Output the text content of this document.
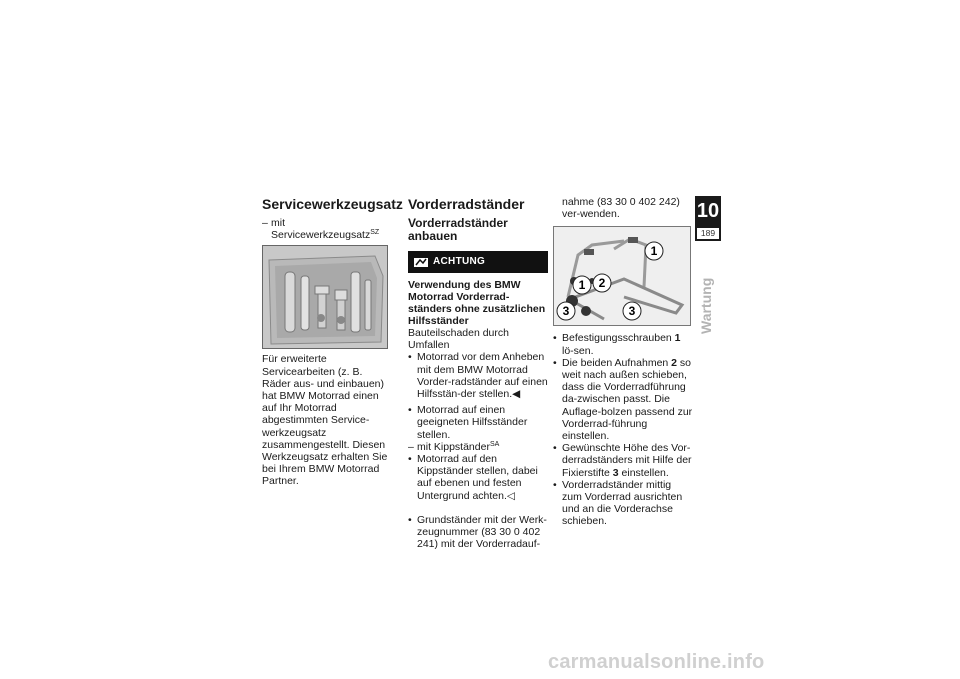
Servicewerkzeugsatz
– mit Servicewerkzeugsatz$^{SZ}$
Für erweiterte Servicearbeiten (z. B. Räder aus- und einbauen) hat BMW Motorrad einen auf Ihr Motorrad abgestimmten Service-werkzeugsatz zusammengestellt. Diesen Werkzeugsatz erhalten Sie bei Ihrem BMW Motorrad Partner.
Vorderradständer
Vorderradständer anbauen
ACHTUNG
Verwendung des BMW Motorrad Vorderrad-ständers ohne zusätzlichen Hilfsständer
Bauteilschaden durch Umfallen
• Motorrad vor dem Anheben mit dem BMW Motorrad Vorder-radständer auf einen Hilfsstän-der stellen.◀
• Motorrad auf einen geeigneten Hilfsständer stellen.
– mit Kippständer$^{SA}$
• Motorrad auf den Kippständer stellen, dabei auf ebenen und festen Untergrund achten.◁
• Grundständer mit der Werk-zeugnummer (83 30 0 402 241) mit der Vorderradauf-
nahme (83 30 0 402 242) ver-wenden.
1
2
1
3	3
• Befestigungsschrauben 1 lö-sen.
• Die beiden Aufnahmen 2 so weit nach außen schieben, dass die Vorderradführung da-zwischen passt. Die Auflage-bolzen passend zur Vorderrad-führung einstellen.
• Gewünschte Höhe des Vor-derradständers mit Hilfe der Fixierstifte 3 einstellen.
• Vorderradständer mittig zum Vorderrad ausrichten und an die Vorderachse schieben.
10
189
Wartung
carmanualsonline.info
